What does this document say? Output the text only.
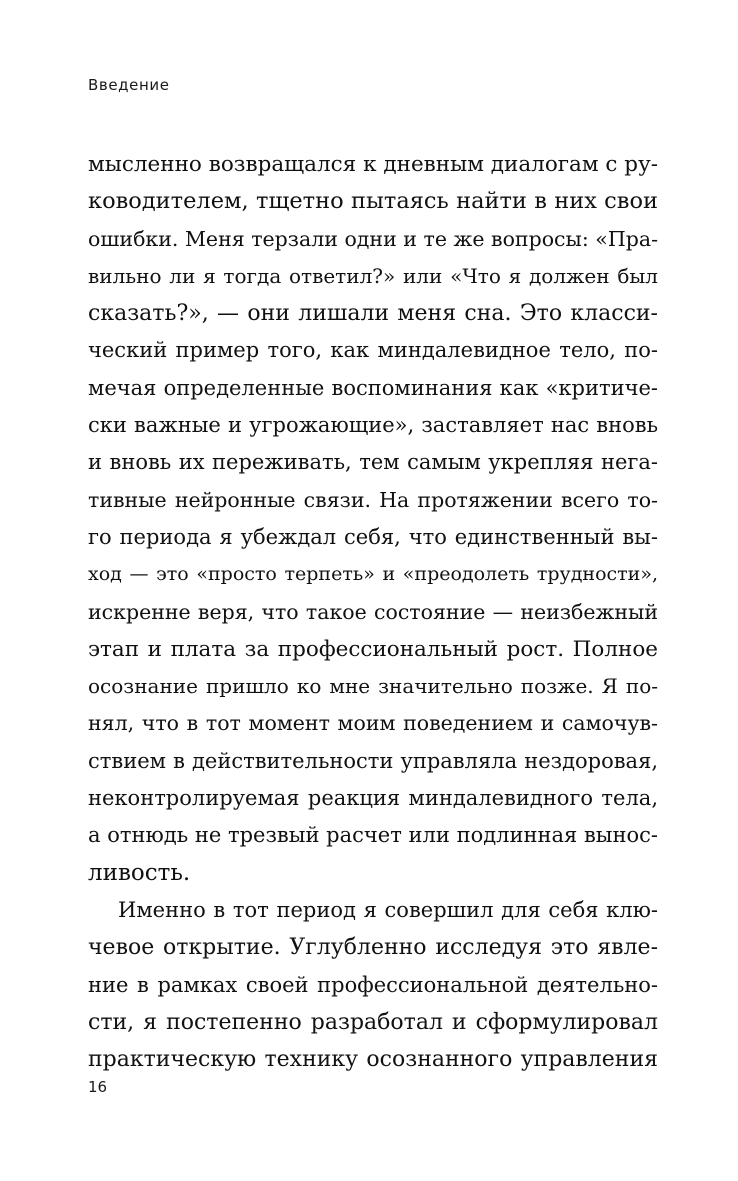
Введение
мысленно возвращался к дневным диалогам с ру-
ководителем, тщетно пытаясь найти в них свои
ошибки. Меня терзали одни и те же вопросы: «Пра-
вильно ли я тогда ответил?» или «Что я должен был
сказать?», — они лишали меня сна. Это класси-
ческий пример того, как миндалевидное тело, по-
мечая определенные воспоминания как «критиче-
ски важные и угрожающие», заставляет нас вновь
и вновь их переживать, тем самым укрепляя нега-
тивные нейронные связи. На протяжении всего то-
го периода я убеждал себя, что единственный вы-
ход — это «просто терпеть» и «преодолеть трудности»,
искренне веря, что такое состояние — неизбежный
этап и плата за профессиональный рост. Полное
осознание пришло ко мне значительно позже. Я по-
нял, что в тот момент моим поведением и самочув-
ствием в действительности управляла нездоровая,
неконтролируемая реакция миндалевидного тела,
а отнюдь не трезвый расчет или подлинная вынос-
ливость.
Именно в тот период я совершил для себя клю-
чевое открытие. Углубленно исследуя это явле-
ние в рамках своей профессиональной деятельно-
сти, я постепенно разработал и сформулировал
практическую технику осознанного управления
16
